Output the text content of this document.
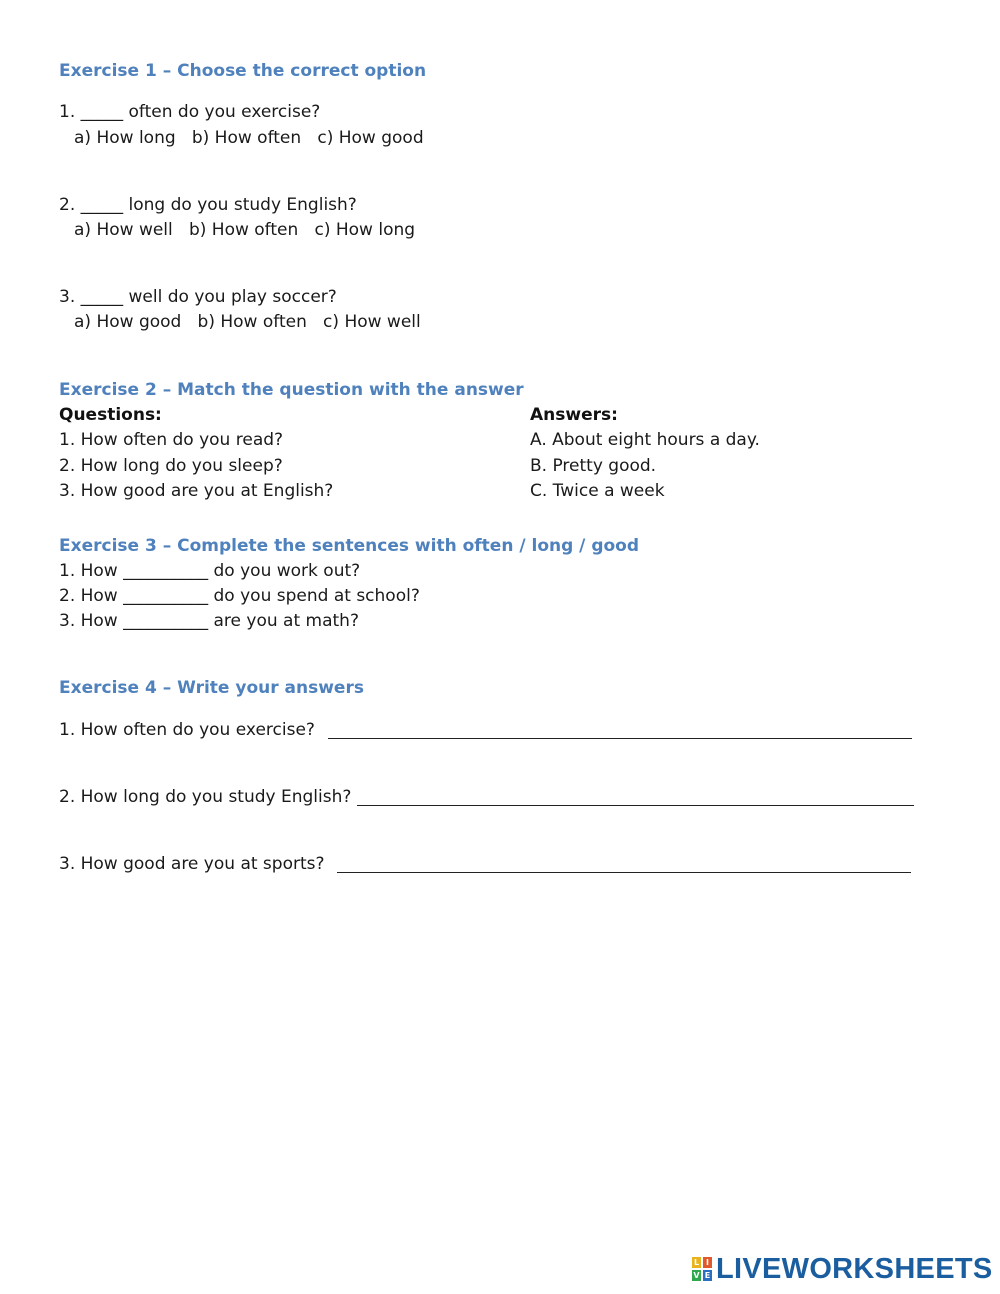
Exercise 1 – Choose the correct option
1. _____ often do you exercise?
a) How long   b) How often   c) How good
2. _____ long do you study English?
a) How well   b) How often   c) How long
3. _____ well do you play soccer?
a) How good   b) How often   c) How well
Exercise 2 – Match the question with the answer
Questions:	Answers:
1. How often do you read?
2. How long do you sleep?
3. How good are you at English?
A. About eight hours a day.
B. Pretty good.
C. Twice a week
Exercise 3 – Complete the sentences with often / long / good
1. How __________ do you work out?
2. How __________ do you spend at school?
3. How __________ are you at math?
Exercise 4 – Write your answers
1. How often do you exercise?
2. How long do you study English?
3. How good are you at sports?
L I
V E LIVEWORKSHEETS
